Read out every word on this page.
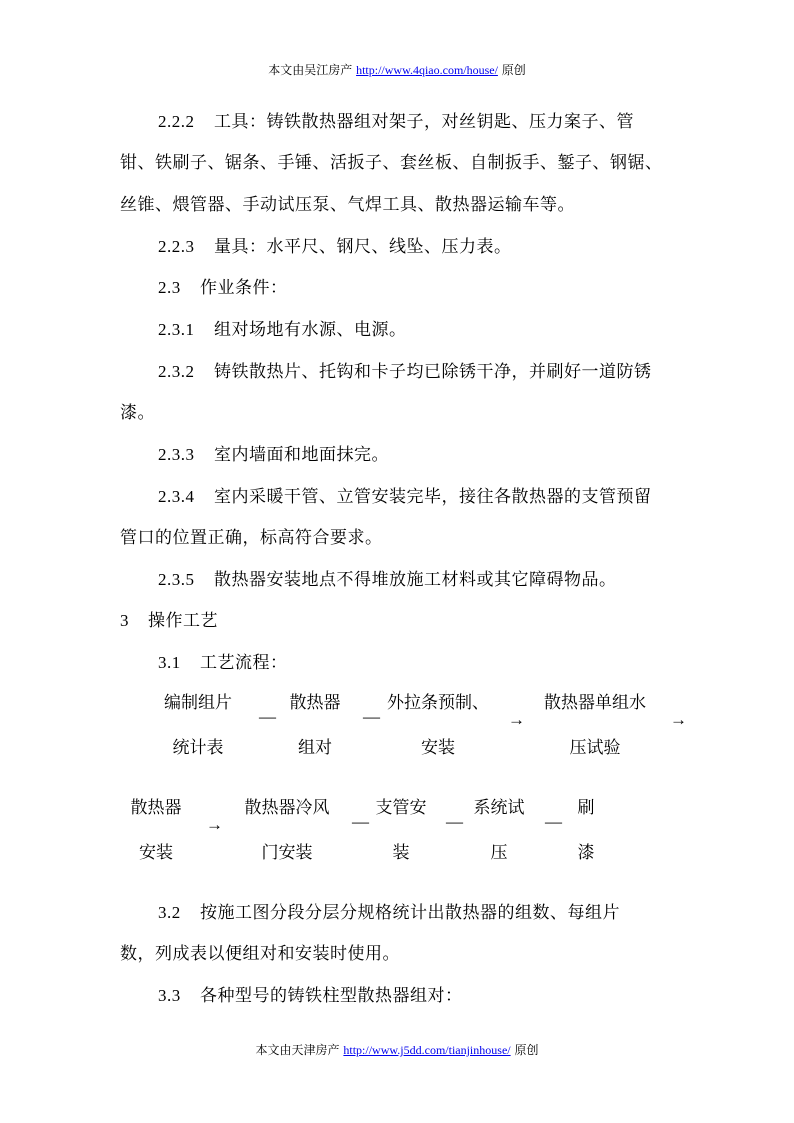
本文由吴江房产 http://www.4qiao.com/house/ 原创
2.2.2 工具：铸铁散热器组对架子，对丝钥匙、压力案子、管
钳、铁刷子、锯条、手锤、活扳子、套丝板、自制扳手、錾子、钢锯、
丝锥、煨管器、手动试压泵、气焊工具、散热器运输车等。
2.2.3 量具：水平尺、钢尺、线坠、压力表。
2.3 作业条件：
2.3.1 组对场地有水源、电源。
2.3.2 铸铁散热片、托钩和卡子均已除锈干净，并刷好一道防锈
漆。
2.3.3 室内墙面和地面抹完。
2.3.4 室内采暖干管、立管安装完毕，接往各散热器的支管预留
管口的位置正确，标高符合要求。
2.3.5 散热器安装地点不得堆放施工材料或其它障碍物品。
3 操作工艺
3.1 工艺流程：
编制组片
统计表
—
散热器
组对
—
外拉条预制、
安装
→
散热器单组水
压试验
→
散热器
安装
→
散热器冷风
门安装
—
支管安
装
—
系统试
压
—
刷
漆
3.2 按施工图分段分层分规格统计出散热器的组数、每组片
数，列成表以便组对和安装时使用。
3.3 各种型号的铸铁柱型散热器组对：
本文由天津房产 http://www.j5dd.com/tianjinhouse/ 原创
